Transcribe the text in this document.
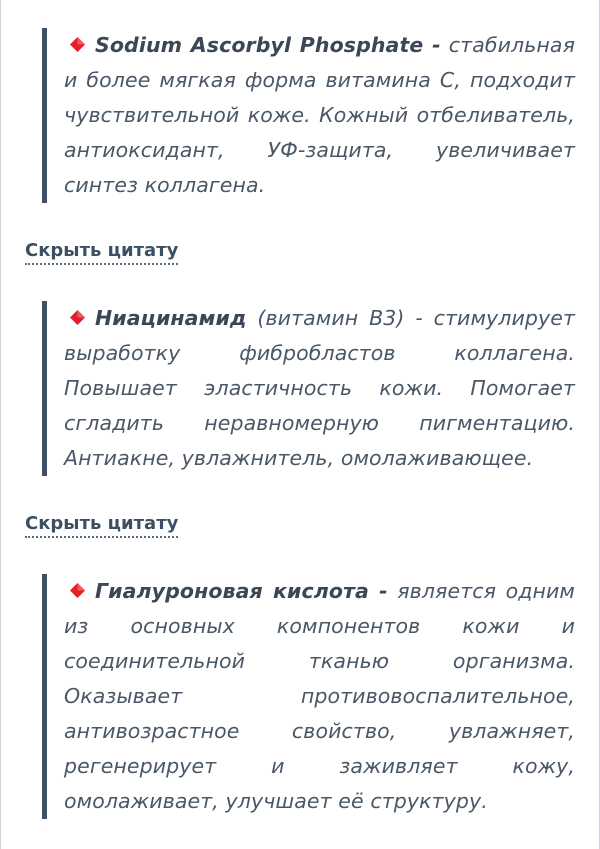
Sodium Ascorbyl Phosphate - стабильная и более мягкая форма витамина С, подходит чувствительной коже. Кожный отбеливатель, антиоксидант, УФ-защита, увеличивает синтез коллагена.

Скрыть цитату

Ниацинамид (витамин В3) - стимулирует выработку фибробластов коллагена. Повышает эластичность кожи. Помогает сгладить неравномерную пигментацию. Антиакне, увлажнитель, омолаживающее.

Скрыть цитату

Гиалуроновая кислота - является одним из основных компонентов кожи и соединительной тканью организма. Оказывает противовоспалительное, антивозрастное свойство, увлажняет, регенерирует и заживляет кожу, омолаживает, улучшает её структуру.
